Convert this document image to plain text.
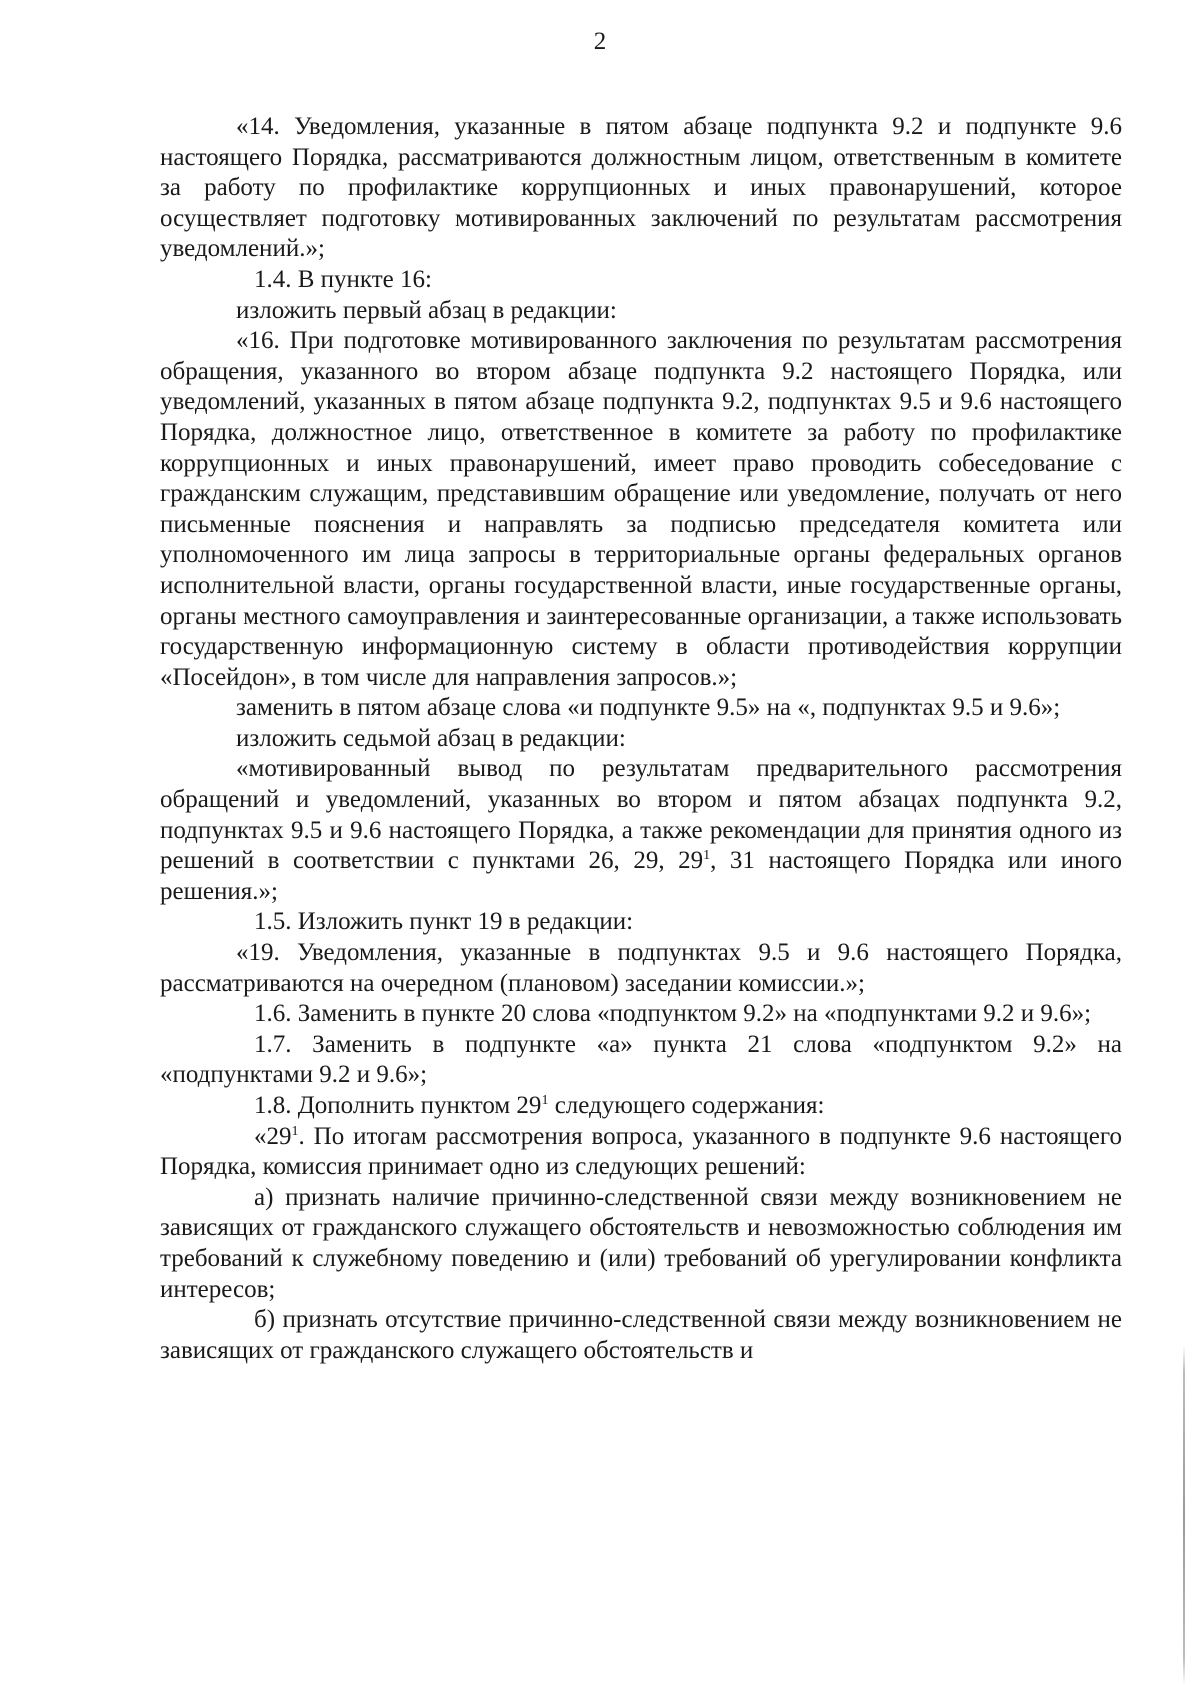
2

«14. Уведомления, указанные в пятом абзаце подпункта 9.2 и подпункте 9.6 настоящего Порядка, рассматриваются должностным лицом, ответственным в комитете за работу по профилактике коррупционных и иных правонарушений, которое осуществляет подготовку мотивированных заключений по результатам рассмотрения уведомлений.»;

1.4. В пункте 16:

изложить первый абзац в редакции:

«16. При подготовке мотивированного заключения по результатам рассмотрения обращения, указанного во втором абзаце подпункта 9.2 настоящего Порядка, или уведомлений, указанных в пятом абзаце подпункта 9.2, подпунктах 9.5 и 9.6 настоящего Порядка, должностное лицо, ответственное в комитете за работу по профилактике коррупционных и иных правонарушений, имеет право проводить собеседование с гражданским служащим, представившим обращение или уведомление, получать от него письменные пояснения и направлять за подписью председателя комитета или уполномоченного им лица запросы в территориальные органы федеральных органов исполнительной власти, органы государственной власти, иные государственные органы, органы местного самоуправления и заинтересованные организации, а также использовать государственную информационную систему в области противодействия коррупции «Посейдон», в том числе для направления запросов.»;

заменить в пятом абзаце слова «и подпункте 9.5» на «, подпунктах 9.5 и 9.6»;

изложить седьмой абзац в редакции:

«мотивированный вывод по результатам предварительного рассмотрения обращений и уведомлений, указанных во втором и пятом абзацах подпункта 9.2, подпунктах 9.5 и 9.6 настоящего Порядка, а также рекомендации для принятия одного из решений в соответствии с пунктами 26, 29, $29^1$, 31 настоящего Порядка или иного решения.»;

1.5. Изложить пункт 19 в редакции:

«19. Уведомления, указанные в подпунктах 9.5 и 9.6 настоящего Порядка, рассматриваются на очередном (плановом) заседании комиссии.»;

1.6. Заменить в пункте 20 слова «подпунктом 9.2» на «подпунктами 9.2 и 9.6»;

1.7. Заменить в подпункте «а» пункта 21 слова «подпунктом 9.2» на «подпунктами 9.2 и 9.6»;

1.8. Дополнить пунктом $29^1$ следующего содержания:

«$29^1$. По итогам рассмотрения вопроса, указанного в подпункте 9.6 настоящего Порядка, комиссия принимает одно из следующих решений:

а) признать наличие причинно-следственной связи между возникновением не зависящих от гражданского служащего обстоятельств и невозможностью соблюдения им требований к служебному поведению и (или) требований об урегулировании конфликта интересов;

б) признать отсутствие причинно-следственной связи между возникновением не зависящих от гражданского служащего обстоятельств и
